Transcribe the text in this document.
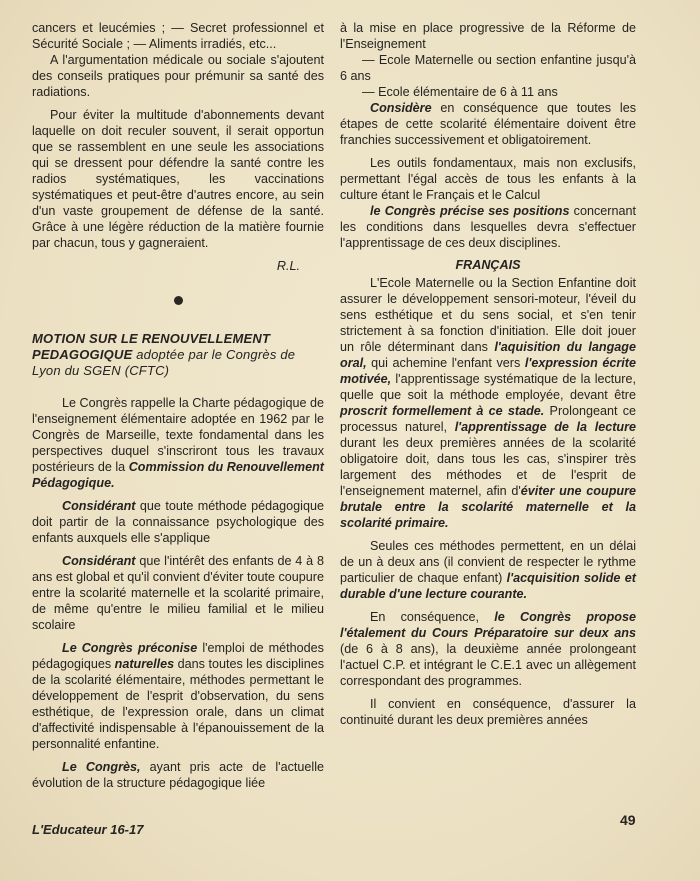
cancers et leucémies ; — Secret professionnel et Sécurité Sociale ; — Aliments irradiés, etc...

A l'argumentation médicale ou sociale s'ajoutent des conseils pratiques pour prémunir sa santé des radiations.

Pour éviter la multitude d'abonnements devant laquelle on doit reculer souvent, il serait opportun que se rassemblent en une seule les associations qui se dressent pour défendre la santé contre les radios systématiques, les vaccinations systématiques et peut-être d'autres encore, au sein d'un vaste groupement de défense de la santé. Grâce à une légère réduction de la matière fournie par chacun, tous y gagneraient.

R.L.

MOTION SUR LE RENOUVELLEMENT PEDAGOGIQUE adoptée par le Congrès de Lyon du SGEN (CFTC)

Le Congrès rappelle la Charte pédagogique de l'enseignement élémentaire adoptée en 1962 par le Congrès de Marseille, texte fondamental dans les perspectives duquel s'inscriront tous les travaux postérieurs de la Commission du Renouvellement Pédagogique.

Considérant que toute méthode pédagogique doit partir de la connaissance psychologique des enfants auxquels elle s'applique

Considérant que l'intérêt des enfants de 4 à 8 ans est global et qu'il convient d'éviter toute coupure entre la scolarité maternelle et la scolarité primaire, de même qu'entre le milieu familial et le milieu scolaire

Le Congrès préconise l'emploi de méthodes pédagogiques naturelles dans toutes les disciplines de la scolarité élémentaire, méthodes permettant le développement de l'esprit d'observation, du sens esthétique, de l'expression orale, dans un climat d'affectivité indispensable à l'épanouissement de la personnalité enfantine.

Le Congrès, ayant pris acte de l'actuelle évolution de la structure pédagogique liée

à la mise en place progressive de la Réforme de l'Enseignement

— Ecole Maternelle ou section enfantine jusqu'à 6 ans

— Ecole élémentaire de 6 à 11 ans

Considère en conséquence que toutes les étapes de cette scolarité élémentaire doivent être franchies successivement et obligatoirement.

Les outils fondamentaux, mais non exclusifs, permettant l'égal accès de tous les enfants à la culture étant le Français et le Calcul

le Congrès précise ses positions concernant les conditions dans lesquelles devra s'effectuer l'apprentissage de ces deux disciplines.

FRANÇAIS

L'Ecole Maternelle ou la Section Enfantine doit assurer le développement sensori-moteur, l'éveil du sens esthétique et du sens social, et s'en tenir strictement à sa fonction d'initiation. Elle doit jouer un rôle déterminant dans l'aquisition du langage oral, qui achemine l'enfant vers l'expression écrite motivée, l'apprentissage systématique de la lecture, quelle que soit la méthode employée, devant être proscrit formellement à ce stade. Prolongeant ce processus naturel, l'apprentissage de la lecture durant les deux premières années de la scolarité obligatoire doit, dans tous les cas, s'inspirer très largement des méthodes et de l'esprit de l'enseignement maternel, afin d'éviter une coupure brutale entre la scolarité maternelle et la scolarité primaire.

Seules ces méthodes permettent, en un délai de un à deux ans (il convient de respecter le rythme particulier de chaque enfant) l'acquisition solide et durable d'une lecture courante.

En conséquence, le Congrès propose l'étalement du Cours Préparatoire sur deux ans (de 6 à 8 ans), la deuxième année prolongeant l'actuel C.P. et intégrant le C.E.1 avec un allègement correspondant des programmes.

Il convient en conséquence, d'assurer la continuité durant les deux premières années

L'Educateur 16-17
49
